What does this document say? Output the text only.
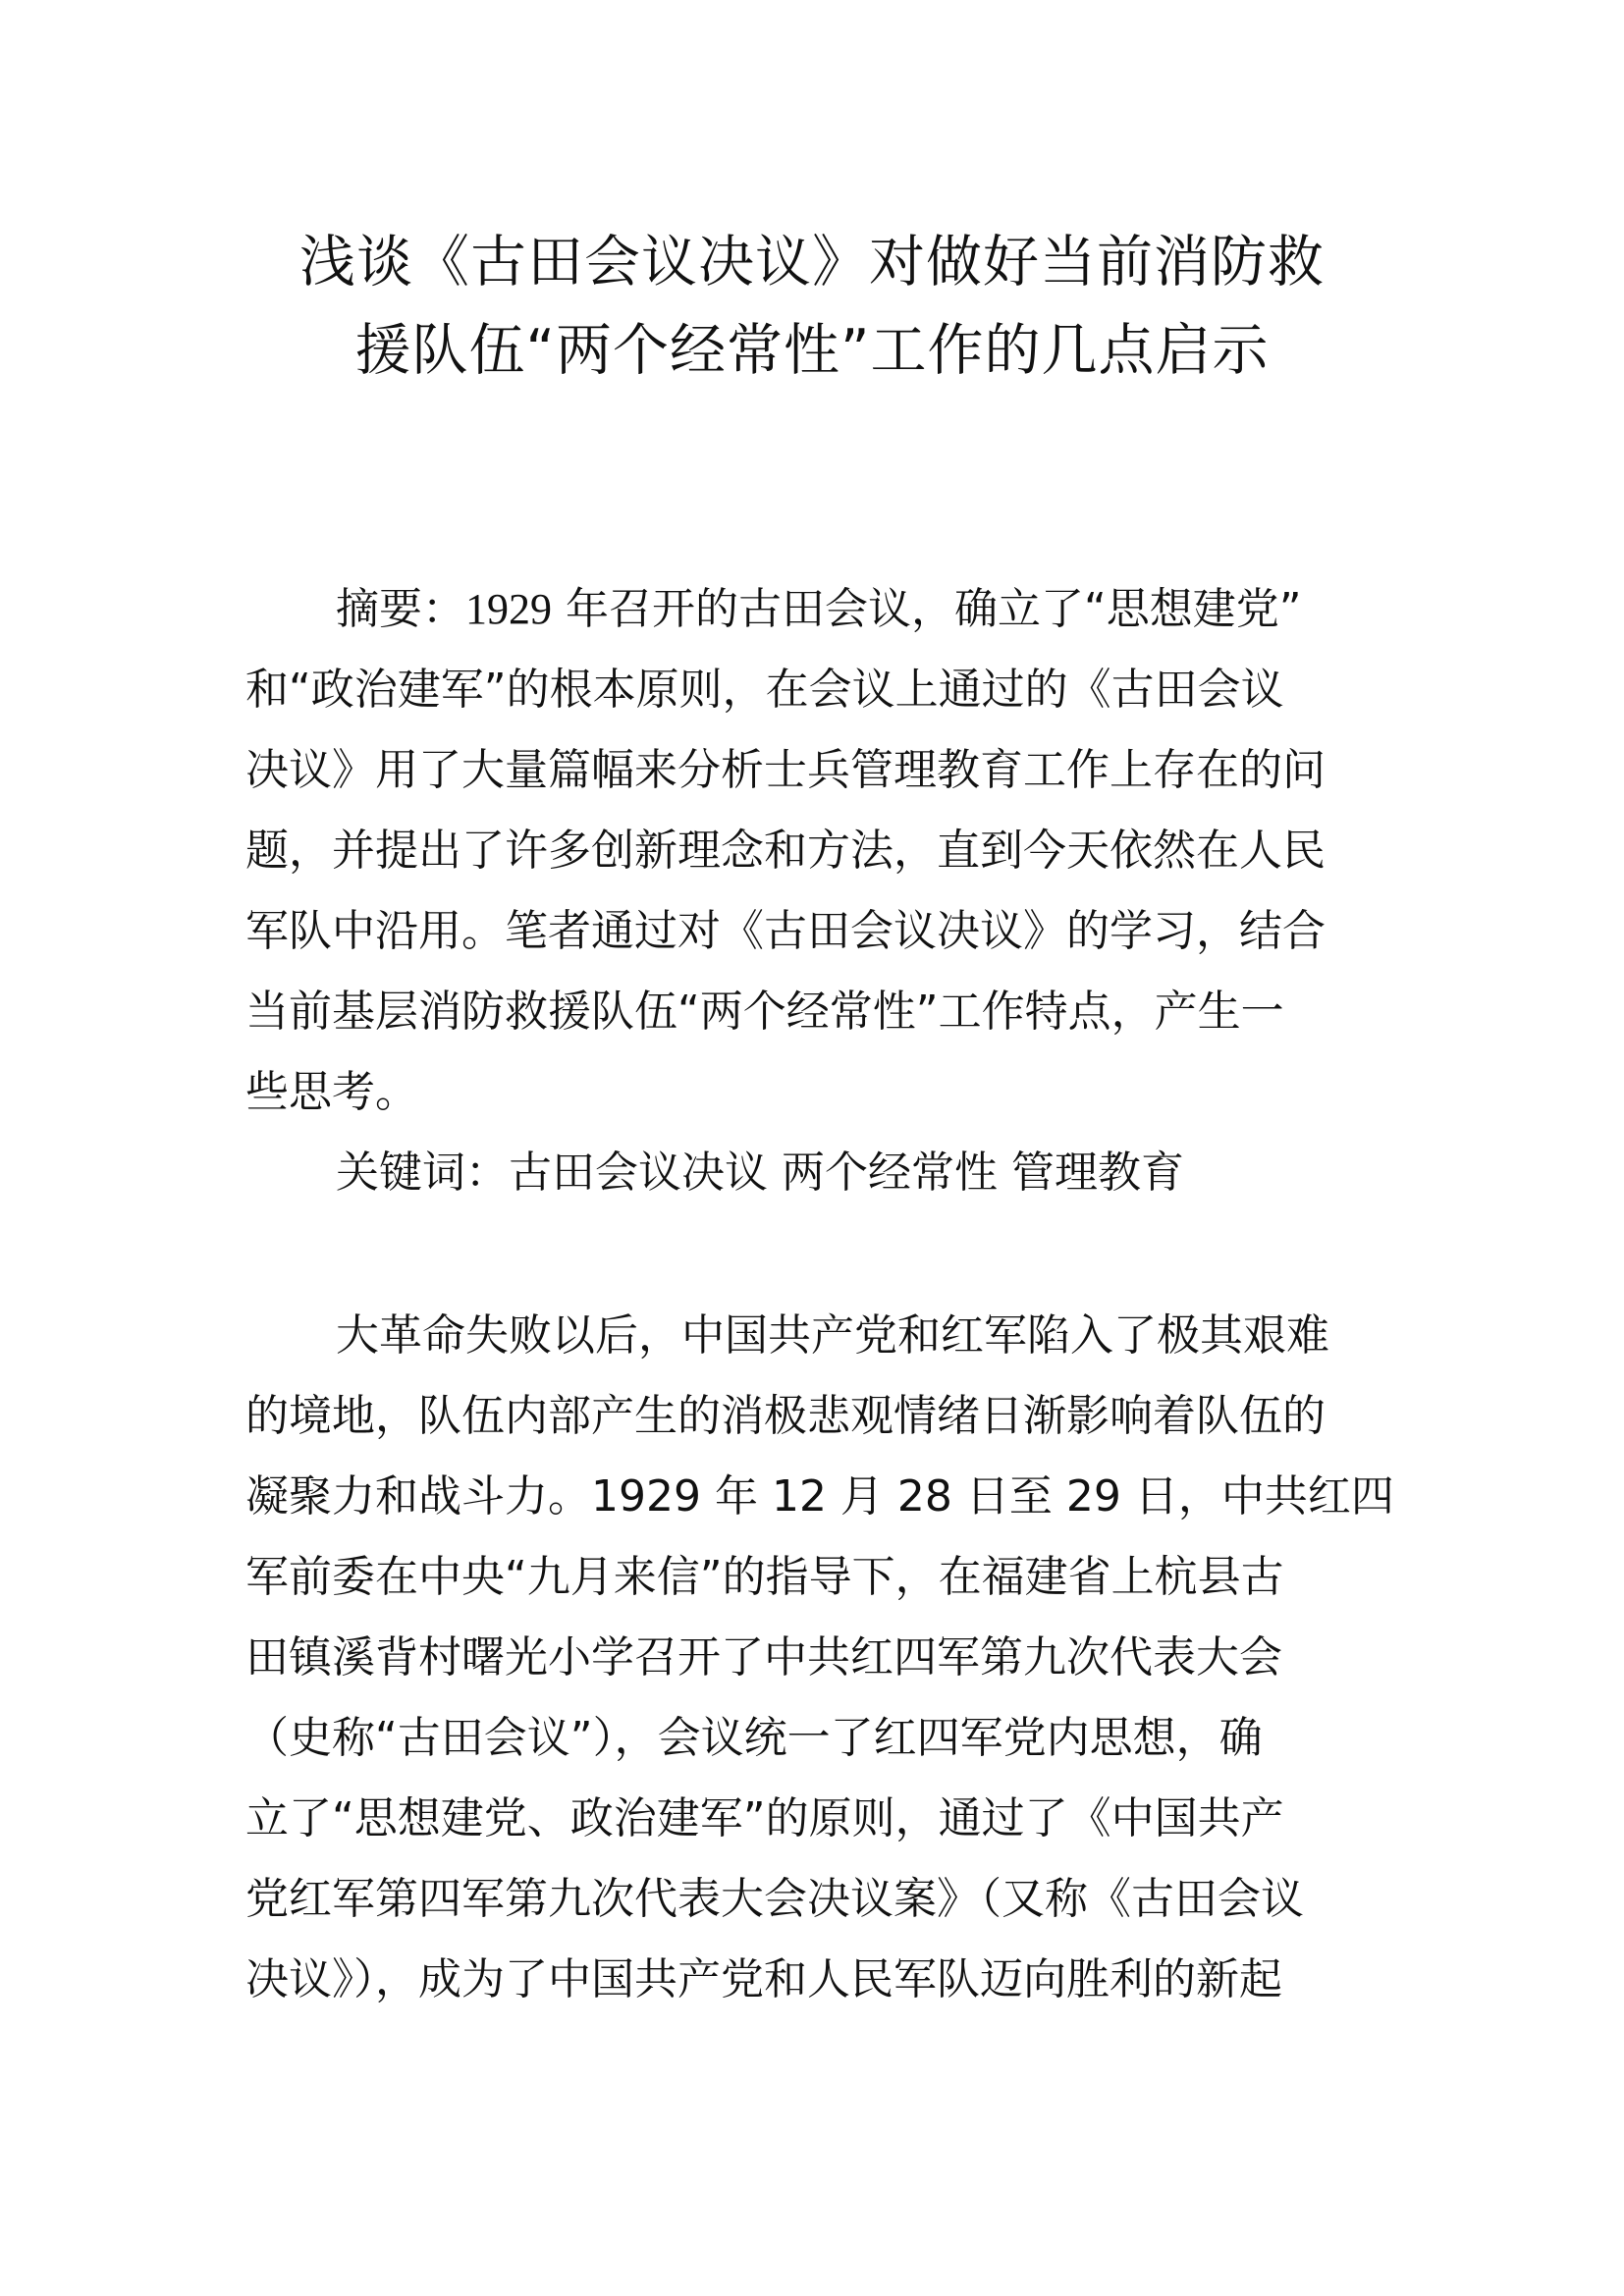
浅谈《古田会议决议》对做好当前消防救
援队伍“两个经常性”工作的几点启示
摘要：1929 年召开的古田会议，确立了“思想建党”
和“政治建军”的根本原则，在会议上通过的《古田会议
决议》用了大量篇幅来分析士兵管理教育工作上存在的问
题，并提出了许多创新理念和方法，直到今天依然在人民
军队中沿用。笔者通过对《古田会议决议》的学习，结合
当前基层消防救援队伍“两个经常性”工作特点，产生一
些思考。
关键词：古田会议决议 两个经常性 管理教育
大革命失败以后，中国共产党和红军陷入了极其艰难
的境地，队伍内部产生的消极悲观情绪日渐影响着队伍的
凝聚力和战斗力。1929 年 12 月 28 日至 29 日，中共红四
军前委在中央“九月来信”的指导下，在福建省上杭县古
田镇溪背村曙光小学召开了中共红四军第九次代表大会
（史称“古田会议”），会议统一了红四军党内思想，确
立了“思想建党、政治建军”的原则，通过了《中国共产
党红军第四军第九次代表大会决议案》（又称《古田会议
决议》），成为了中国共产党和人民军队迈向胜利的新起
